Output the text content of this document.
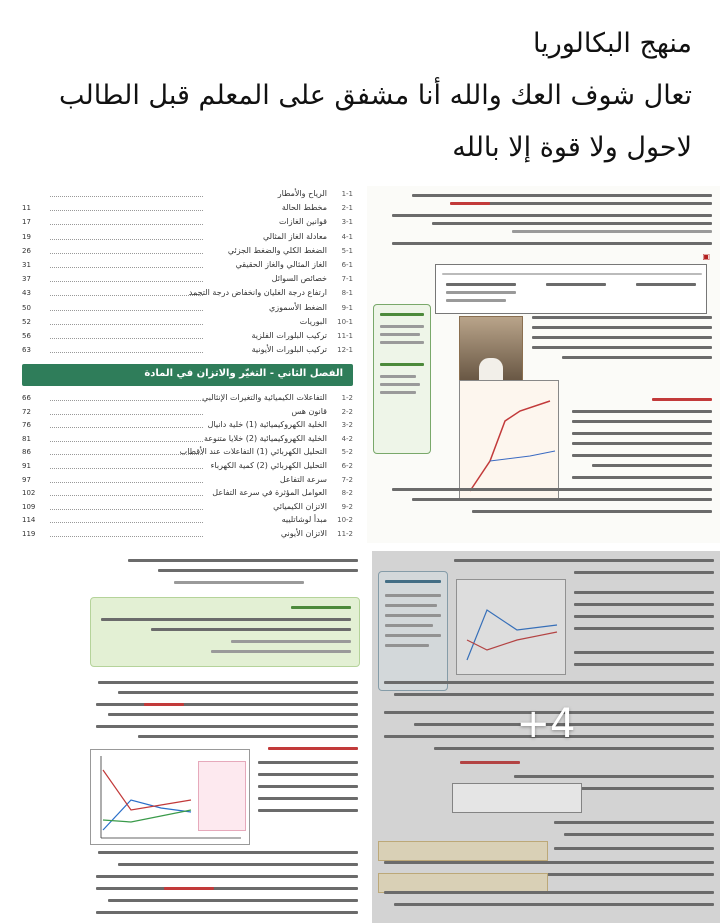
منهج البكالوريا
تعال شوف العك والله أنا مشفق على المعلم قبل الطالب
لاحول ولا قوة إلا بالله
الفصل الثاني - التغيّر والاتزان في المادة
1-1
الرياح والأمطار
2-1
مخطط الحالة
11
3-1
قوانين الغازات
17
4-1
معادلة الغاز المثالي
19
5-1
الضغط الكلي والضغط الجزئي
26
6-1
الغاز المثالي والغاز الحقيقي
31
7-1
خصائص السوائل
37
8-1
ارتفاع درجة الغليان وانخفاض درجة التجمد
43
9-1
الضغط الأسموزي
50
10-1
البوريات
52
11-1
تركيب البلورات الفلزية
56
12-1
تركيب البلورات الأيونية
63
1-2
التفاعلات الكيميائية والتغيرات الإنثالبي
66
2-2
قانون هس
72
3-2
الخلية الكهروكيميائية (1) خلية دانيال
76
4-2
الخلية الكهروكيميائية (2) خلايا متنوعة
81
5-2
التحليل الكهربائي (1) التفاعلات عند الأقطاب
86
6-2
التحليل الكهربائي (2) كمية الكهرباء
91
7-2
سرعة التفاعل
97
8-2
العوامل المؤثرة في سرعة التفاعل
102
9-2
الاتزان الكيميائي
109
10-2
مبدأ لوشاتلييه
114
11-2
الاتزان الأيوني
119
▣
+4
